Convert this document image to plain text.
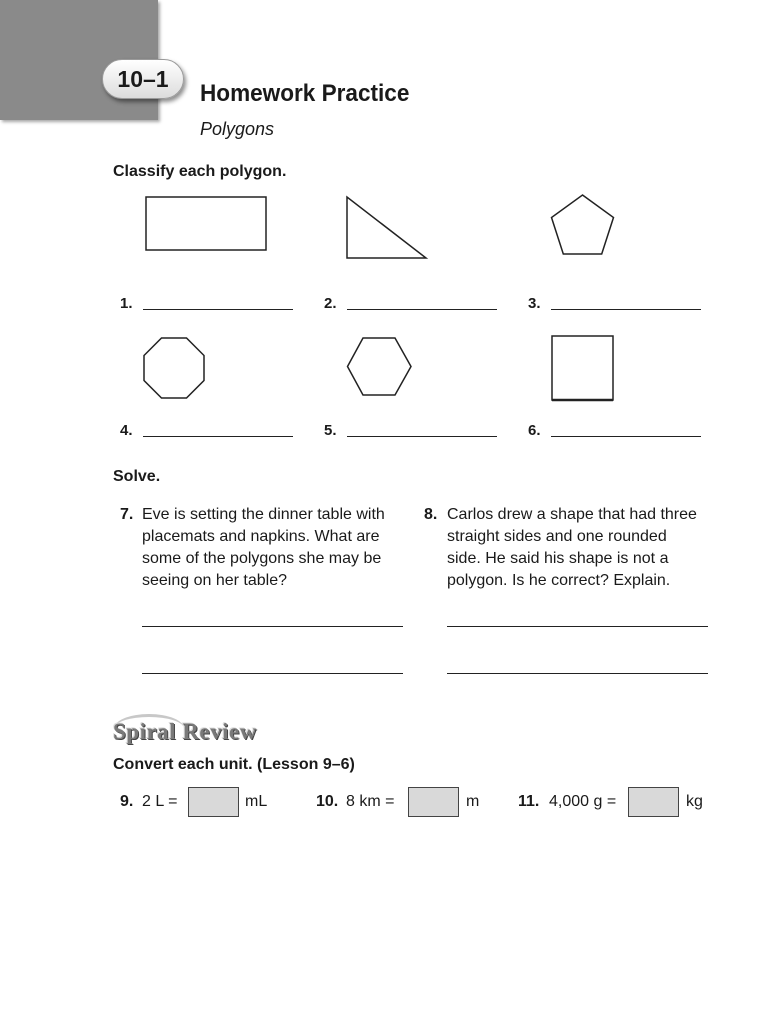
10–1
Homework Practice
Polygons
Classify each polygon.
1.	2.	3.
4.	5.	6.
Solve.
7. Eve is setting the dinner table with
placemats and napkins. What are
some of the polygons she may be
seeing on her table?
8. Carlos drew a shape that had three
straight sides and one rounded
side. He said his shape is not a
polygon. Is he correct? Explain.
Spiral Review
Convert each unit. (Lesson 9–6)
9. 2 L =	mL	10. 8 km =	m 11. 4,000 g =	kg
